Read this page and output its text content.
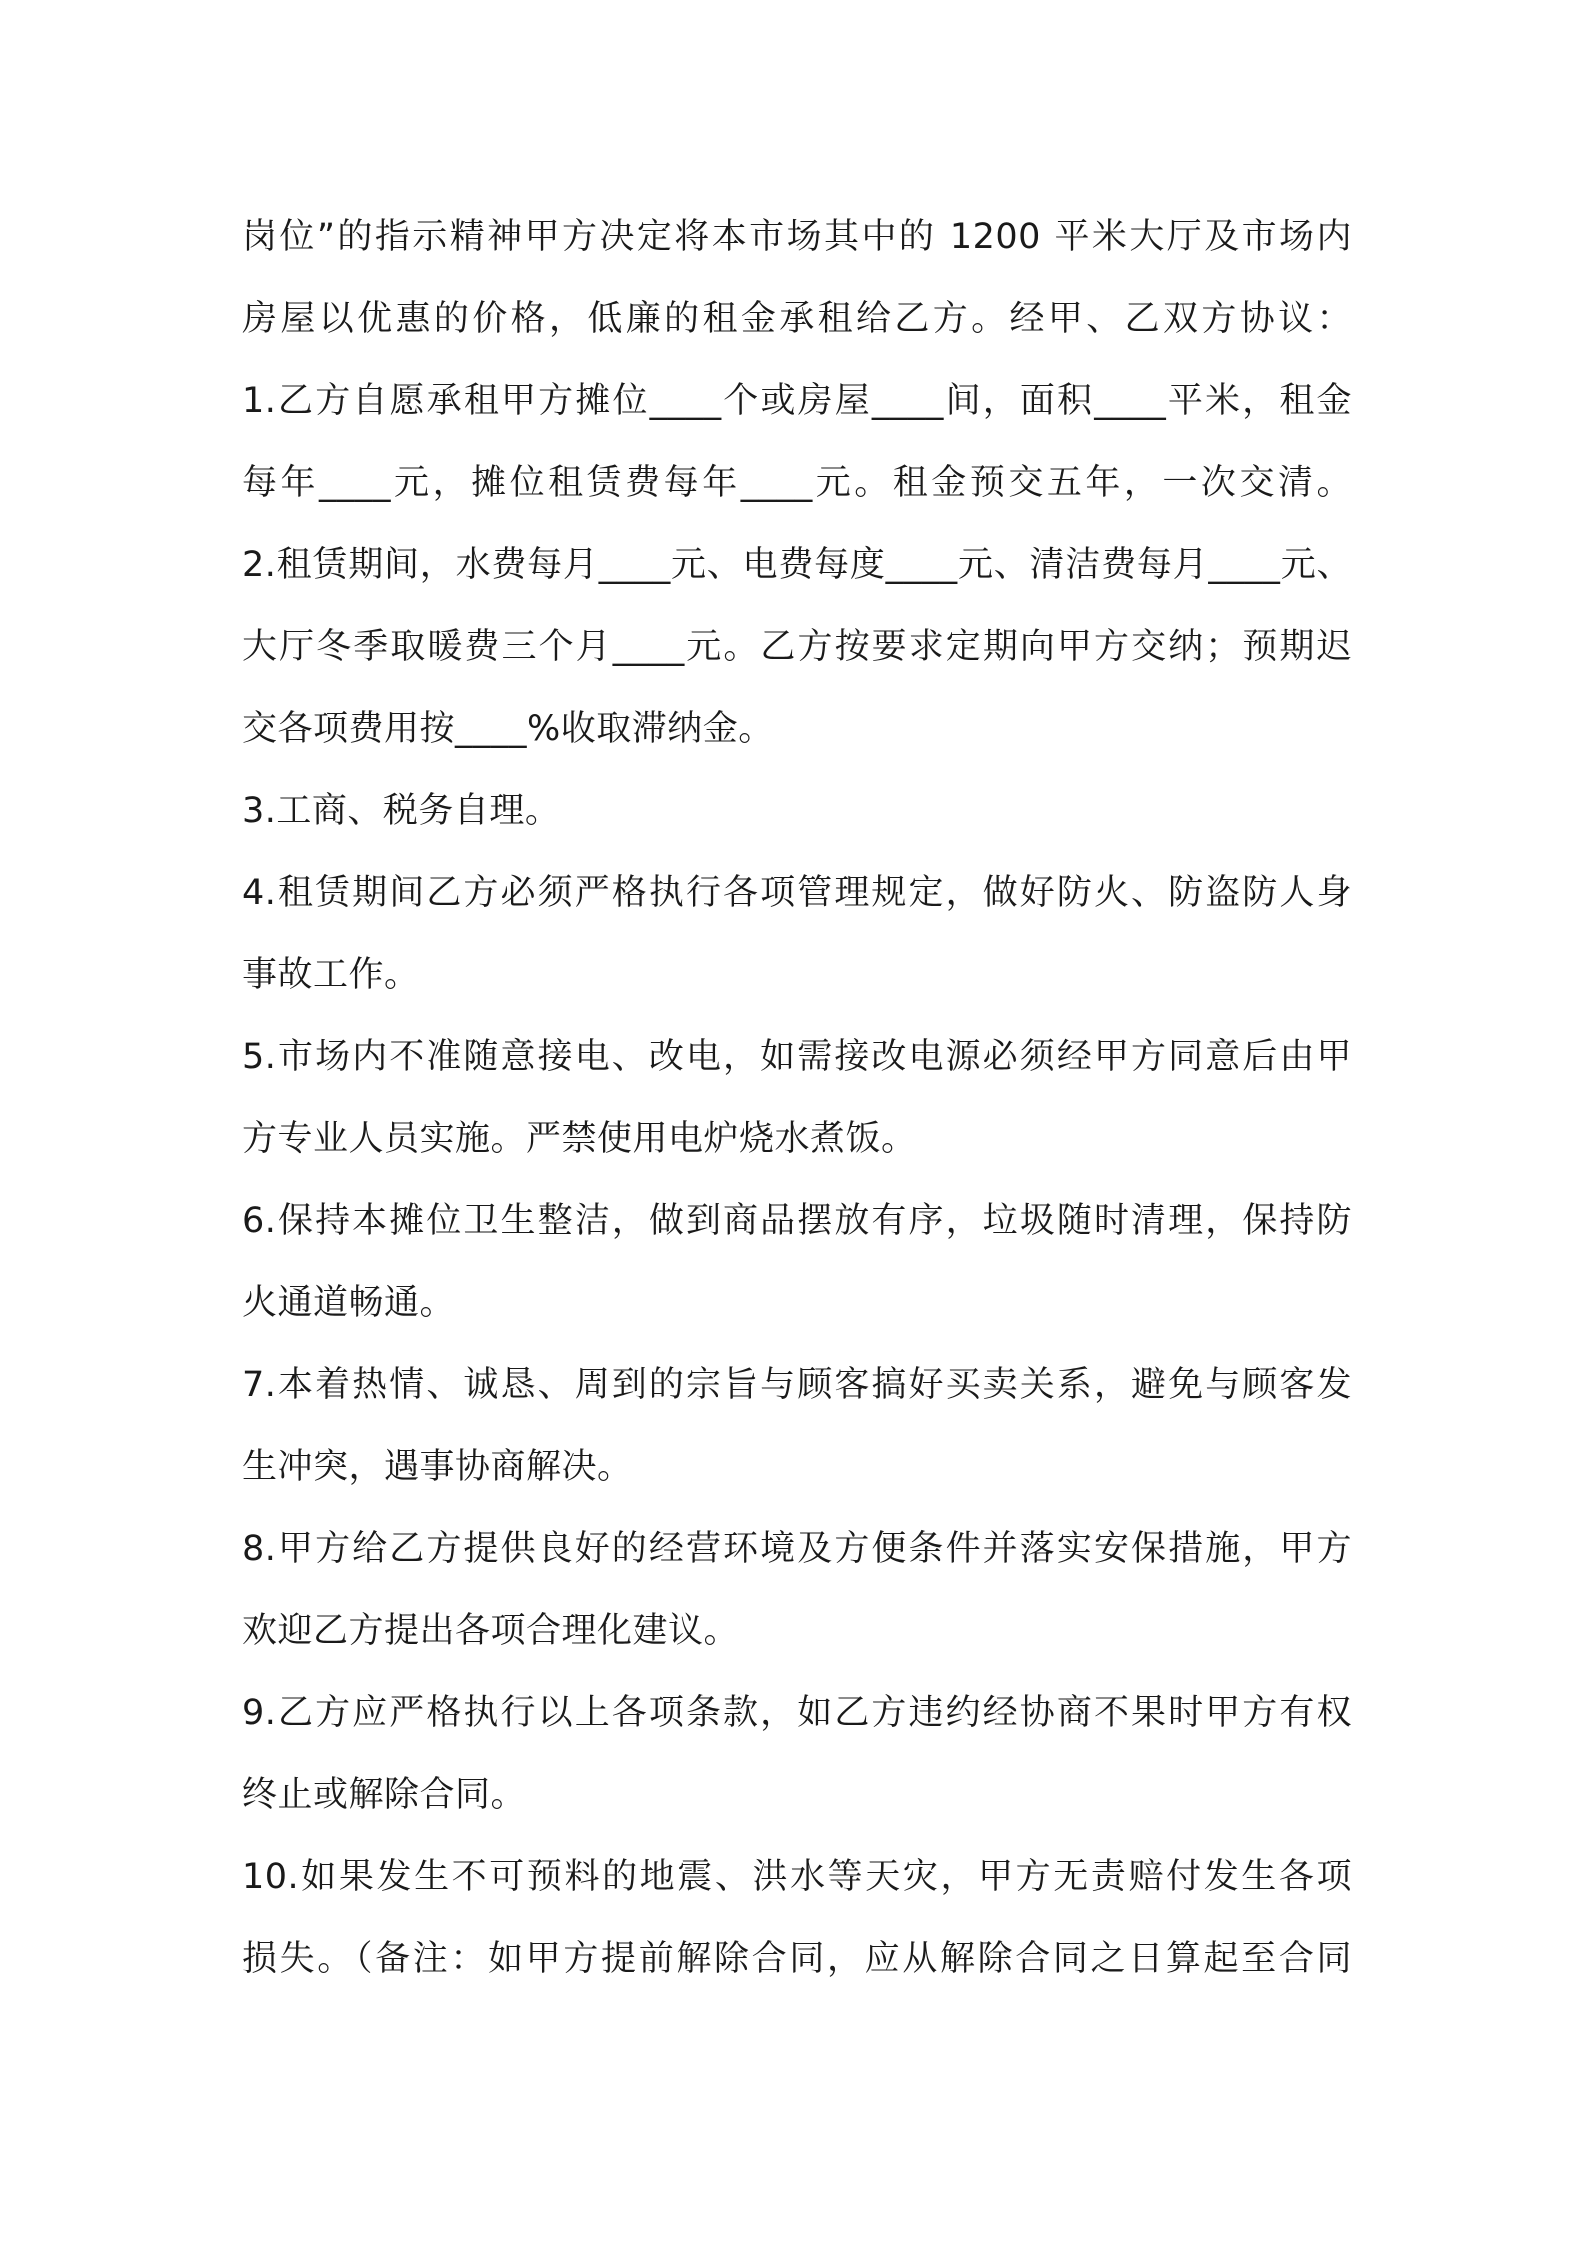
岗位”的指示精神甲方决定将本市场其中的 1200 平米大厅及市场内
房屋以优惠的价格，低廉的租金承租给乙方。经甲、乙双方协议：
1.乙方自愿承租甲方摊位____个或房屋____间，面积____平米，租金
每年____元，摊位租赁费每年____元。租金预交五年，一次交清。
2.租赁期间，水费每月____元、电费每度____元、清洁费每月____元、
大厅冬季取暖费三个月____元。乙方按要求定期向甲方交纳；预期迟
交各项费用按____%收取滞纳金。
3.工商、税务自理。
4.租赁期间乙方必须严格执行各项管理规定，做好防火、防盗防人身
事故工作。
5.市场内不准随意接电、改电，如需接改电源必须经甲方同意后由甲
方专业人员实施。严禁使用电炉烧水煮饭。
6.保持本摊位卫生整洁，做到商品摆放有序，垃圾随时清理，保持防
火通道畅通。
7.本着热情、诚恳、周到的宗旨与顾客搞好买卖关系，避免与顾客发
生冲突，遇事协商解决。
8.甲方给乙方提供良好的经营环境及方便条件并落实安保措施，甲方
欢迎乙方提出各项合理化建议。
9.乙方应严格执行以上各项条款，如乙方违约经协商不果时甲方有权
终止或解除合同。
10.如果发生不可预料的地震、洪水等天灾，甲方无责赔付发生各项
损失。（备注：如甲方提前解除合同，应从解除合同之日算起至合同
